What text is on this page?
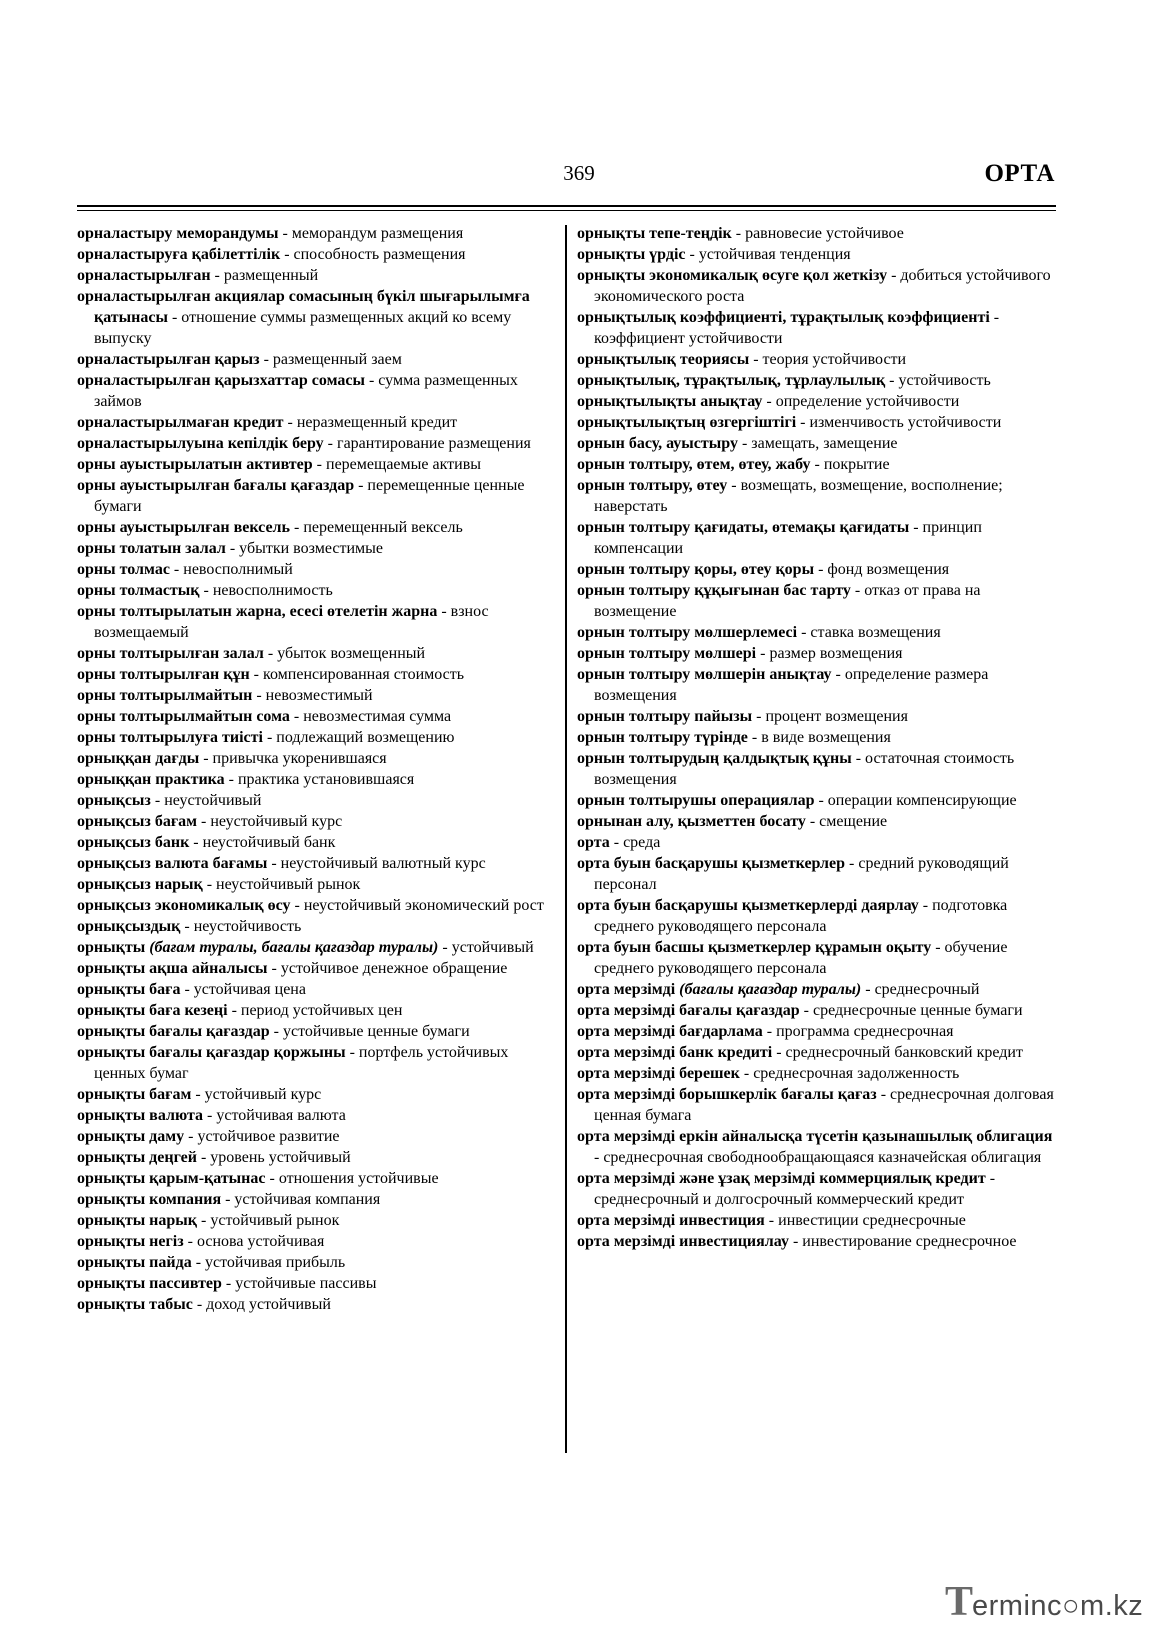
369	ОРТА
орналастыру меморандумы - меморандум размещения
орналастыруға қабілеттілік - способность размещения
орналастырылған - размещенный
орналастырылған акциялар сомасының бүкіл шығарылымға қатынасы - отношение суммы размещенных акций ко всему выпуску
орналастырылған қарыз - размещенный заем
орналастырылған қарызхаттар сомасы - сумма размещенных займов
орналастырылмаған кредит - неразмещенный кредит
орналастырылуына кепілдік беру - гарантирование размещения
орны ауыстырылатын активтер - перемещаемые активы
орны ауыстырылған бағалы қағаздар - перемещенные ценные бумаги
орны ауыстырылған вексель - перемещенный вексель
орны толатын залал - убытки возместимые
орны толмас - невосполнимый
орны толмастық - невосполнимость
орны толтырылатын жарна, есесі өтелетін жарна - взнос возмещаемый
орны толтырылған залал - убыток возмещенный
орны толтырылған құн - компенсированная стоимость
орны толтырылмайтын - невозместимый
орны толтырылмайтын сома - невозместимая сумма
орны толтырылуға тиісті - подлежащий возмещению
орныққан дағды - привычка укоренившаяся
орныққан практика - практика установившаяся
орнықсыз - неустойчивый
орнықсыз бағам - неустойчивый курс
орнықсыз банк - неустойчивый банк
орнықсыз валюта бағамы - неустойчивый валютный курс
орнықсыз нарық - неустойчивый рынок
орнықсыз экономикалық өсу - неустойчивый экономический рост
орнықсыздық - неустойчивость
орнықты (бағам туралы, бағалы қағаздар туралы) - устойчивый
орнықты ақша айналысы - устойчивое денежное обращение
орнықты баға - устойчивая цена
орнықты баға кезеңі - период устойчивых цен
орнықты бағалы қағаздар - устойчивые ценные бумаги
орнықты бағалы қағаздар қоржыны - портфель устойчивых ценных бумаг
орнықты бағам - устойчивый курс
орнықты валюта - устойчивая валюта
орнықты даму - устойчивое развитие
орнықты деңгей - уровень устойчивый
орнықты қарым-қатынас - отношения устойчивые
орнықты компания - устойчивая компания
орнықты нарық - устойчивый рынок
орнықты негіз - основа устойчивая
орнықты пайда - устойчивая прибыль
орнықты пассивтер - устойчивые пассивы
орнықты табыс - доход устойчивый
орнықты тепе-теңдік - равновесие устойчивое
орнықты үрдіс - устойчивая тенденция
орнықты экономикалық өсуге қол жеткізу - добиться устойчивого экономического роста
орнықтылық коэффициенті, тұрақтылық коэффициенті - коэффициент устойчивости
орнықтылық теориясы - теория устойчивости
орнықтылық, тұрақтылық, тұрлаулылық - устойчивость
орнықтылықты анықтау - определение устойчивости
орнықтылықтың өзгергіштігі - изменчивость устойчивости
орнын басу, ауыстыру - замещать, замещение
орнын толтыру, өтем, өтеу, жабу - покрытие
орнын толтыру, өтеу - возмещать, возмещение, восполнение; наверстать
орнын толтыру қағидаты, өтемақы қағидаты - принцип компенсации
орнын толтыру қоры, өтеу қоры - фонд возмещения
орнын толтыру құқығынан бас тарту - отказ от права на возмещение
орнын толтыру мөлшерлемесі - ставка возмещения
орнын толтыру мөлшері - размер возмещения
орнын толтыру мөлшерін анықтау - определение размера возмещения
орнын толтыру пайызы - процент возмещения
орнын толтыру түрінде - в виде возмещения
орнын толтырудың қалдықтық құны - остаточная стоимость возмещения
орнын толтырушы операциялар - операции компенсирующие
орнынан алу, қызметтен босату - смещение
орта - среда
орта буын басқарушы қызметкерлер - средний руководящий персонал
орта буын басқарушы қызметкерлерді даярлау - подготовка среднего руководящего персонала
орта буын басшы қызметкерлер құрамын оқыту - обучение среднего руководящего персонала
орта мерзімді (бағалы қағаздар туралы) - среднесрочный
орта мерзімді бағалы қағаздар - среднесрочные ценные бумаги
орта мерзімді бағдарлама - программа среднесрочная
орта мерзімді банк кредиті - среднесрочный банковский кредит
орта мерзімді берешек - среднесрочная задолженность
орта мерзімді борышкерлік бағалы қағаз - среднесрочная долговая ценная бумага
орта мерзімді еркін айналысқа түсетін қазынашылық облигация - среднесрочная свободнообращающаяся казначейская облигация
орта мерзімді және ұзақ мерзімді коммерциялық кредит - среднесрочный и долгосрочный коммерческий кредит
орта мерзімді инвестиция - инвестиции среднесрочные
орта мерзімді инвестициялау - инвестирование среднесрочное
T
erminc○m.kz
